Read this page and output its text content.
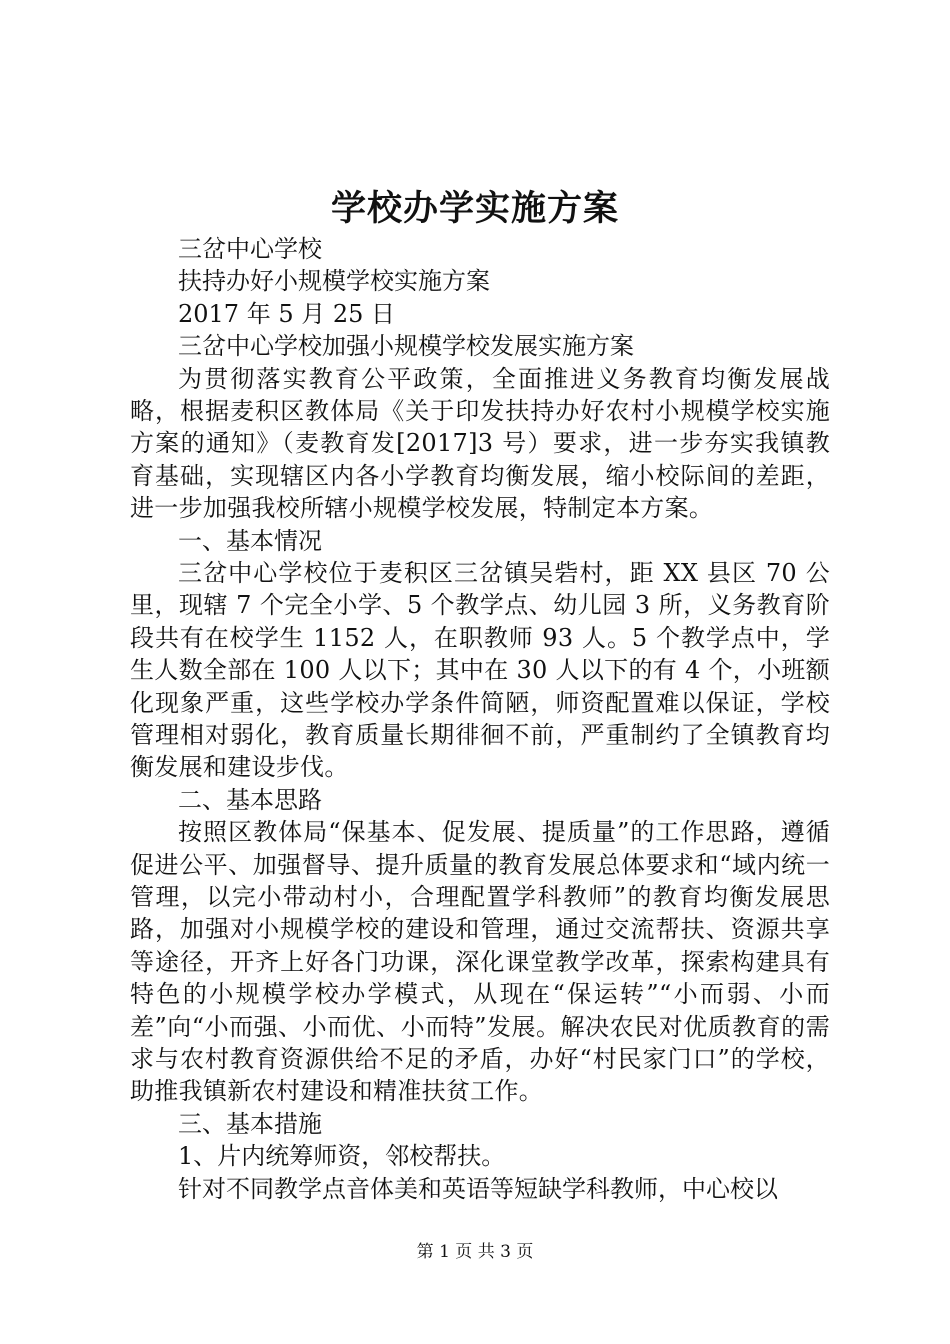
学校办学实施方案

三岔中心学校

扶持办好小规模学校实施方案

2017 年 5 月 25 日

三岔中心学校加强小规模学校发展实施方案

为贯彻落实教育公平政策，全面推进义务教育均衡发展战略，根据麦积区教体局《关于印发扶持办好农村小规模学校实施方案的通知》（麦教育发[2017]3 号）要求，进一步夯实我镇教育基础，实现辖区内各小学教育均衡发展，缩小校际间的差距，进一步加强我校所辖小规模学校发展，特制定本方案。

一、基本情况

三岔中心学校位于麦积区三岔镇吴砦村，距 XX 县区 70 公里，现辖 7 个完全小学、5 个教学点、幼儿园 3 所，义务教育阶段共有在校学生 1152 人，在职教师 93 人。5 个教学点中，学生人数全部在 100 人以下；其中在 30 人以下的有 4 个，小班额化现象严重，这些学校办学条件简陋，师资配置难以保证，学校管理相对弱化，教育质量长期徘徊不前，严重制约了全镇教育均衡发展和建设步伐。

二、基本思路

按照区教体局“保基本、促发展、提质量”的工作思路，遵循促进公平、加强督导、提升质量的教育发展总体要求和“域内统一管理，以完小带动村小，合理配置学科教师”的教育均衡发展思路，加强对小规模学校的建设和管理，通过交流帮扶、资源共享等途径，开齐上好各门功课，深化课堂教学改革，探索构建具有特色的小规模学校办学模式，从现在“保运转”“小而弱、小而差”向“小而强、小而优、小而特”发展。解决农民对优质教育的需求与农村教育资源供给不足的矛盾，办好“村民家门口”的学校，助推我镇新农村建设和精准扶贫工作。

三、基本措施

1、片内统筹师资，邻校帮扶。

针对不同教学点音体美和英语等短缺学科教师，中心校以

第 1 页 共 3 页
